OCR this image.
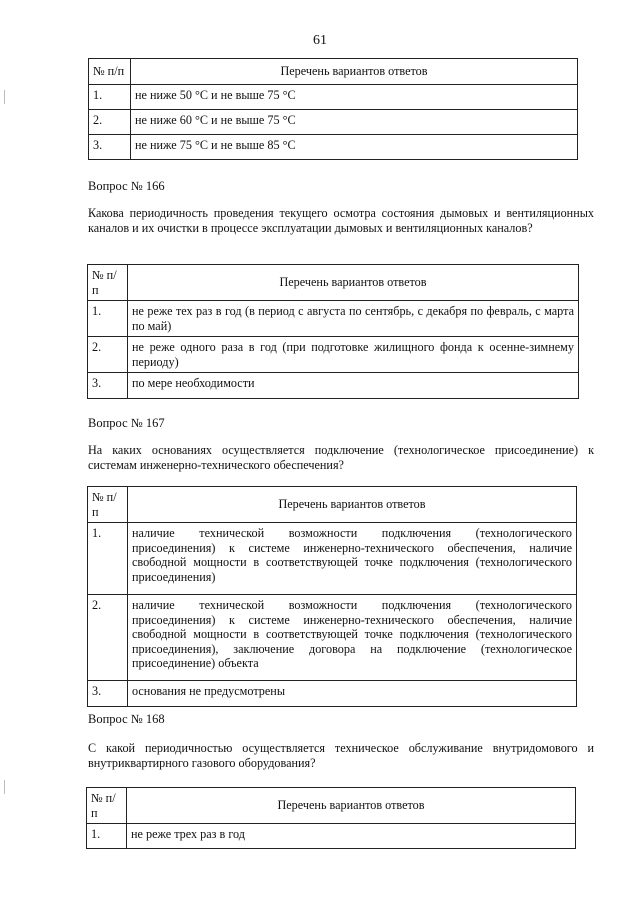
61
№ п/п	Перечень вариантов ответов
1.	не ниже 50 °С и не выше 75 °С
2.	не ниже 60 °С и не выше 75 °С
3.	не ниже 75 °С и не выше 85 °С
Вопрос № 166
Какова периодичность проведения текущего осмотра состояния дымовых и вентиляционных каналов и их очистки в процессе эксплуатации дымовых и вентиляционных каналов?
№ п/п	Перечень вариантов ответов
1.	не реже тех раз в год (в период с августа по сентябрь, с декабря по февраль, с марта по май)
2.	не реже одного раза в год (при подготовке жилищного фонда к осенне-зимнему периоду)
3.	по мере необходимости
Вопрос № 167
На каких основаниях осуществляется подключение (технологическое присоединение) к системам инженерно-технического обеспечения?
№ п/п	Перечень вариантов ответов
1.	наличие технической возможности подключения (технологического присоединения) к системе инженерно-технического обеспечения, наличие свободной мощности в соответствующей точке подключения (технологического присоединения)
2.	наличие технической возможности подключения (технологического присоединения) к системе инженерно-технического обеспечения, наличие свободной мощности в соответствующей точке подключения (технологического присоединения), заключение договора на подключение (технологическое присоединение) объекта
3.	основания не предусмотрены
Вопрос № 168
С какой периодичностью осуществляется техническое обслуживание внутридомового и внутриквартирного газового оборудования?
№ п/п	Перечень вариантов ответов
1.	не реже трех раз в год
